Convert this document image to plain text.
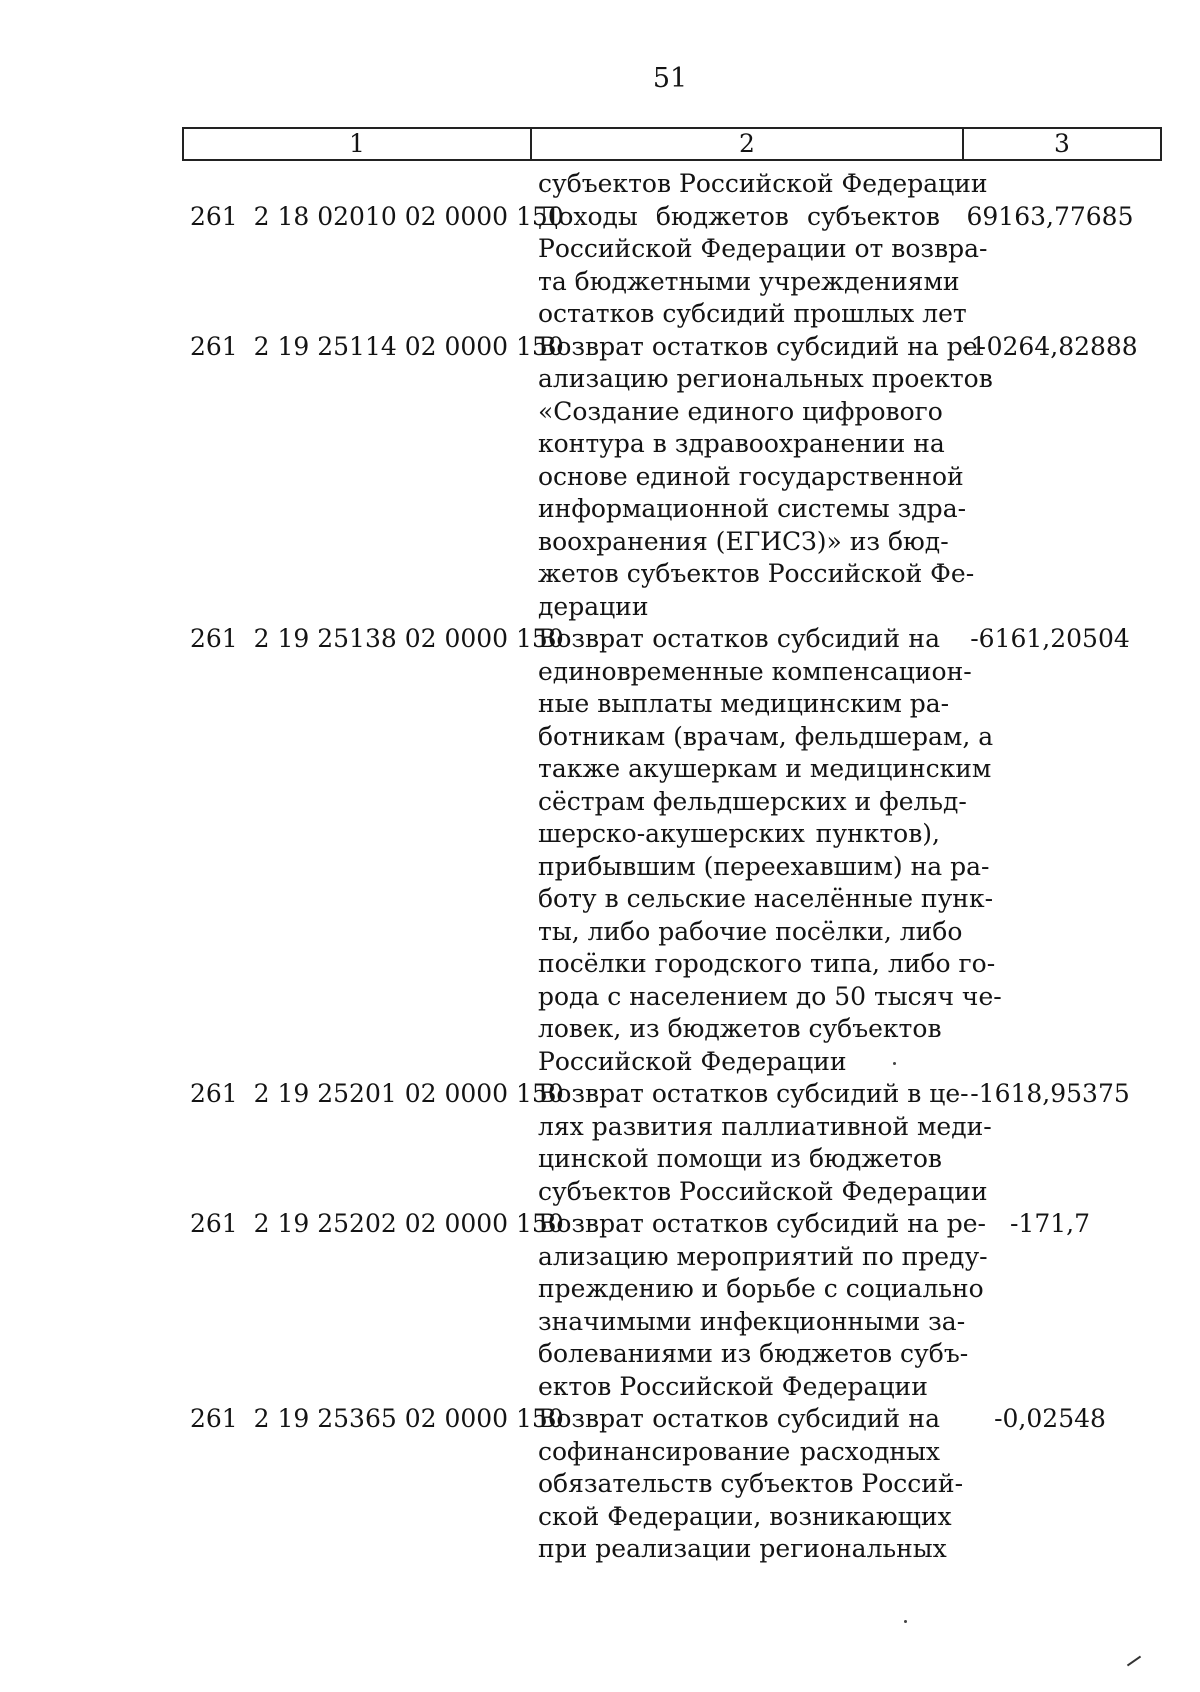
51
1	2	3
субъектов Российской Федерации
261  2 18 02010 02 0000 150
Доходы бюджетов субъектов
Российской Федерации от возвра-
та бюджетными учреждениями
остатков субсидий прошлых лет
69163,77685
261  2 19 25114 02 0000 150
Возврат остатков субсидий на ре-
ализацию региональных проектов
«Создание единого цифрового
контура в здравоохранении на
основе единой государственной
информационной системы здра-
воохранения (ЕГИСЗ)» из бюд-
жетов субъектов Российской Фе-
дерации
-10264,82888
261  2 19 25138 02 0000 150
Возврат остатков субсидий на
единовременные компенсацион-
ные выплаты медицинским ра-
ботникам (врачам, фельдшерам, а
также акушеркам и медицинским
сёстрам фельдшерских и фельд-
шерско-акушерских пунктов),
прибывшим (переехавшим) на ра-
боту в сельские населённые пунк-
ты, либо рабочие посёлки, либо
посёлки городского типа, либо го-
рода с населением до 50 тысяч че-
ловек, из бюджетов субъектов
Российской Федерации
-6161,20504
261  2 19 25201 02 0000 150
Возврат остатков субсидий в це-
лях развития паллиативной меди-
цинской помощи из бюджетов
субъектов Российской Федерации
-1618,95375
261  2 19 25202 02 0000 150
Возврат остатков субсидий на ре-
ализацию мероприятий по преду-
преждению и борьбе с социально
значимыми инфекционными за-
болеваниями из бюджетов субъ-
ектов Российской Федерации
-171,7
261  2 19 25365 02 0000 150
Возврат остатков субсидий на
софинансирование расходных
обязательств субъектов Россий-
ской Федерации, возникающих
при реализации региональных
-0,02548
